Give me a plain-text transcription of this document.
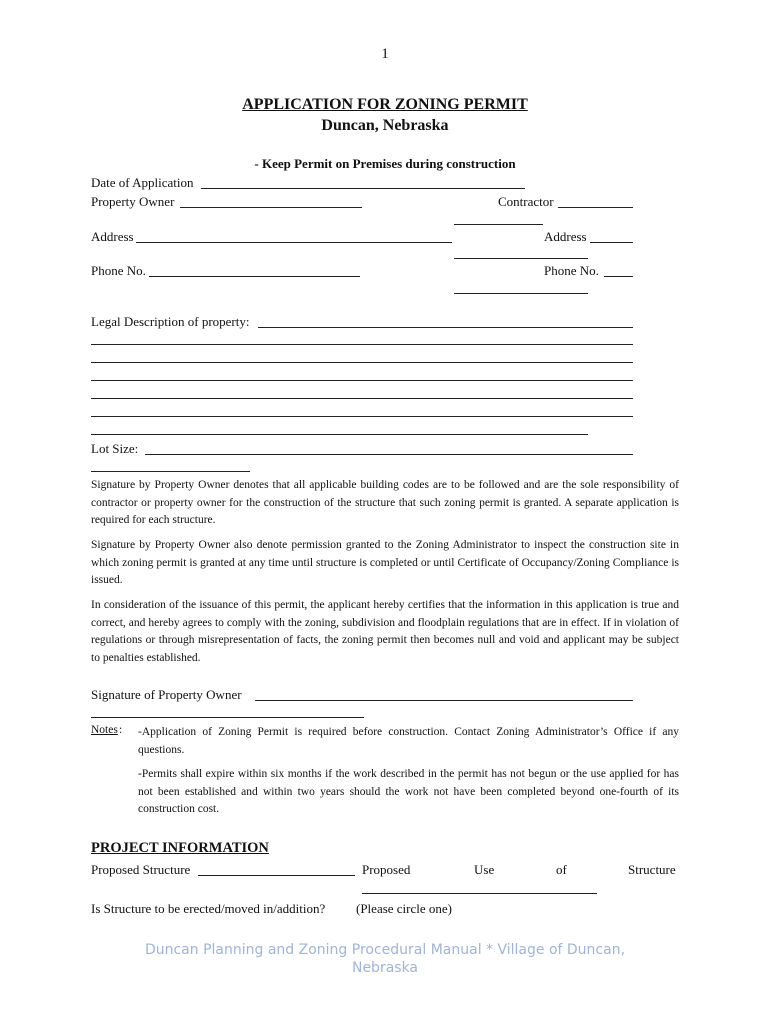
1
APPLICATION FOR ZONING PERMIT
Duncan, Nebraska
- Keep Permit on Premises during construction
Date of Application
Property Owner	Contractor
Address	Address
Phone No.	Phone No.
Legal Description of property:
Lot Size:
Signature by Property Owner denotes that all applicable building codes are to be followed and are the sole responsibility of contractor or property owner for the construction of the structure that such zoning permit is granted. A separate application is required for each structure.
Signature by Property Owner also denote permission granted to the Zoning Administrator to inspect the construction site in which zoning permit is granted at any time until structure is completed or until Certificate of Occupancy/Zoning Compliance is issued.
In consideration of the issuance of this permit, the applicant hereby certifies that the information in this application is true and correct, and hereby agrees to comply with the zoning, subdivision and floodplain regulations that are in effect. If in violation of regulations or through misrepresentation of facts, the zoning permit then becomes null and void and applicant may be subject to penalties established.
Signature of Property Owner
Notes : -Application of Zoning Permit is required before construction. Contact Zoning Administrator’s Office if any questions.
-Permits shall expire within six months if the work described in the permit has not begun or the use applied for has not been established and within two years should the work not have been completed beyond one-fourth of its construction cost.
PROJECT INFORMATION
Proposed Structure	Proposed	Use	of	Structure
Is Structure to be erected/moved in/addition? (Please circle one)
Duncan Planning and Zoning Procedural Manual * Village of Duncan, Nebraska
